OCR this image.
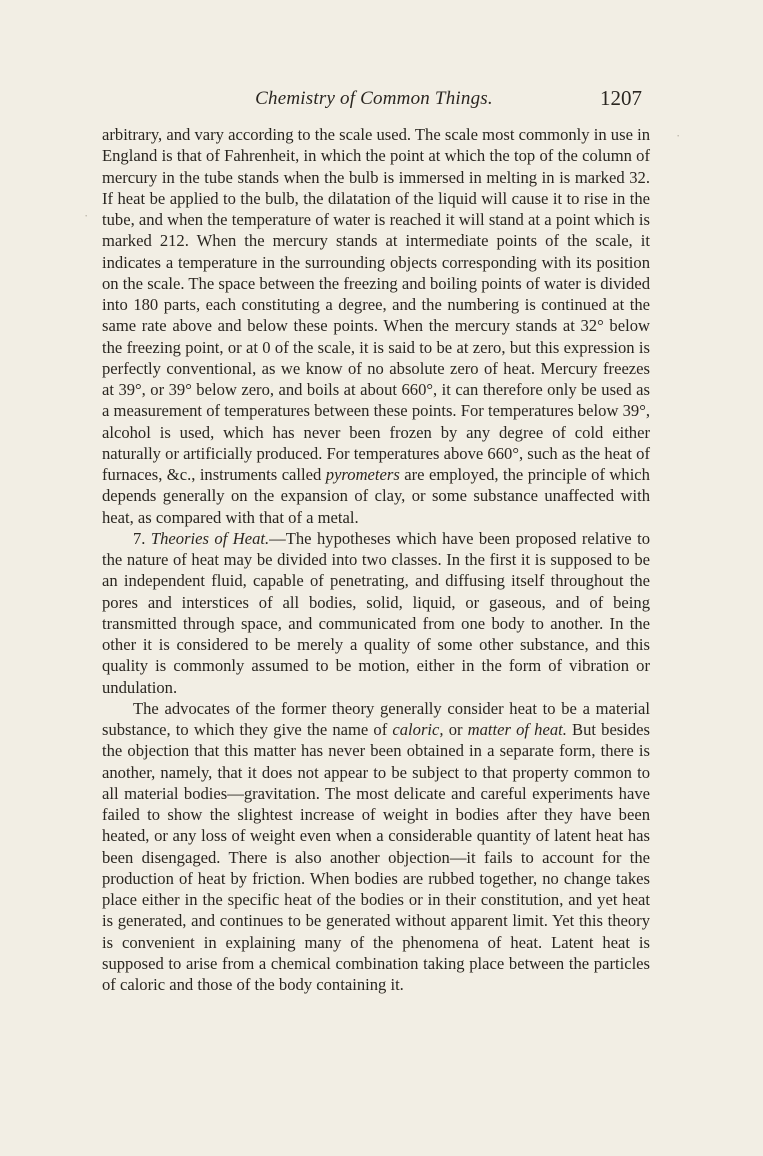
Chemistry of Common Things.	1207

arbitrary, and vary according to the scale used. The scale most commonly in use in England is that of Fahrenheit, in which the point at which the top of the column of mercury in the tube stands when the bulb is immersed in melting in is marked 32. If heat be applied to the bulb, the dilatation of the liquid will cause it to rise in the tube, and when the temperature of water is reached it will stand at a point which is marked 212. When the mercury stands at intermediate points of the scale, it indicates a temperature in the surrounding objects corresponding with its position on the scale. The space between the freezing and boiling points of water is divided into 180 parts, each constituting a degree, and the numbering is continued at the same rate above and below these points. When the mercury stands at 32° below the freezing point, or at 0 of the scale, it is said to be at zero, but this expression is perfectly conventional, as we know of no absolute zero of heat. Mercury freezes at 39°, or 39° below zero, and boils at about 660°, it can therefore only be used as a measurement of temperatures between these points. For temperatures below 39°, alcohol is used, which has never been frozen by any degree of cold either naturally or artificially produced. For temperatures above 660°, such as the heat of furnaces, &c., instruments called pyrometers are employed, the principle of which depends generally on the expansion of clay, or some substance unaffected with heat, as compared with that of a metal.

7. Theories of Heat.—The hypotheses which have been proposed relative to the nature of heat may be divided into two classes. In the first it is supposed to be an independent fluid, capable of penetrating, and diffusing itself throughout the pores and interstices of all bodies, solid, liquid, or gaseous, and of being transmitted through space, and communicated from one body to another. In the other it is considered to be merely a quality of some other substance, and this quality is commonly assumed to be motion, either in the form of vibration or undulation.

The advocates of the former theory generally consider heat to be a material substance, to which they give the name of caloric, or matter of heat. But besides the objection that this matter has never been obtained in a separate form, there is another, namely, that it does not appear to be subject to that property common to all material bodies—gravitation. The most delicate and careful experiments have failed to show the slightest increase of weight in bodies after they have been heated, or any loss of weight even when a considerable quantity of latent heat has been disengaged. There is also another objection—it fails to account for the production of heat by friction. When bodies are rubbed together, no change takes place either in the specific heat of the bodies or in their constitution, and yet heat is generated, and continues to be generated without apparent limit. Yet this theory is convenient in explaining many of the phenomena of heat. Latent heat is supposed to arise from a chemical combination taking place between the particles of caloric and those of the body containing it.

·
·
